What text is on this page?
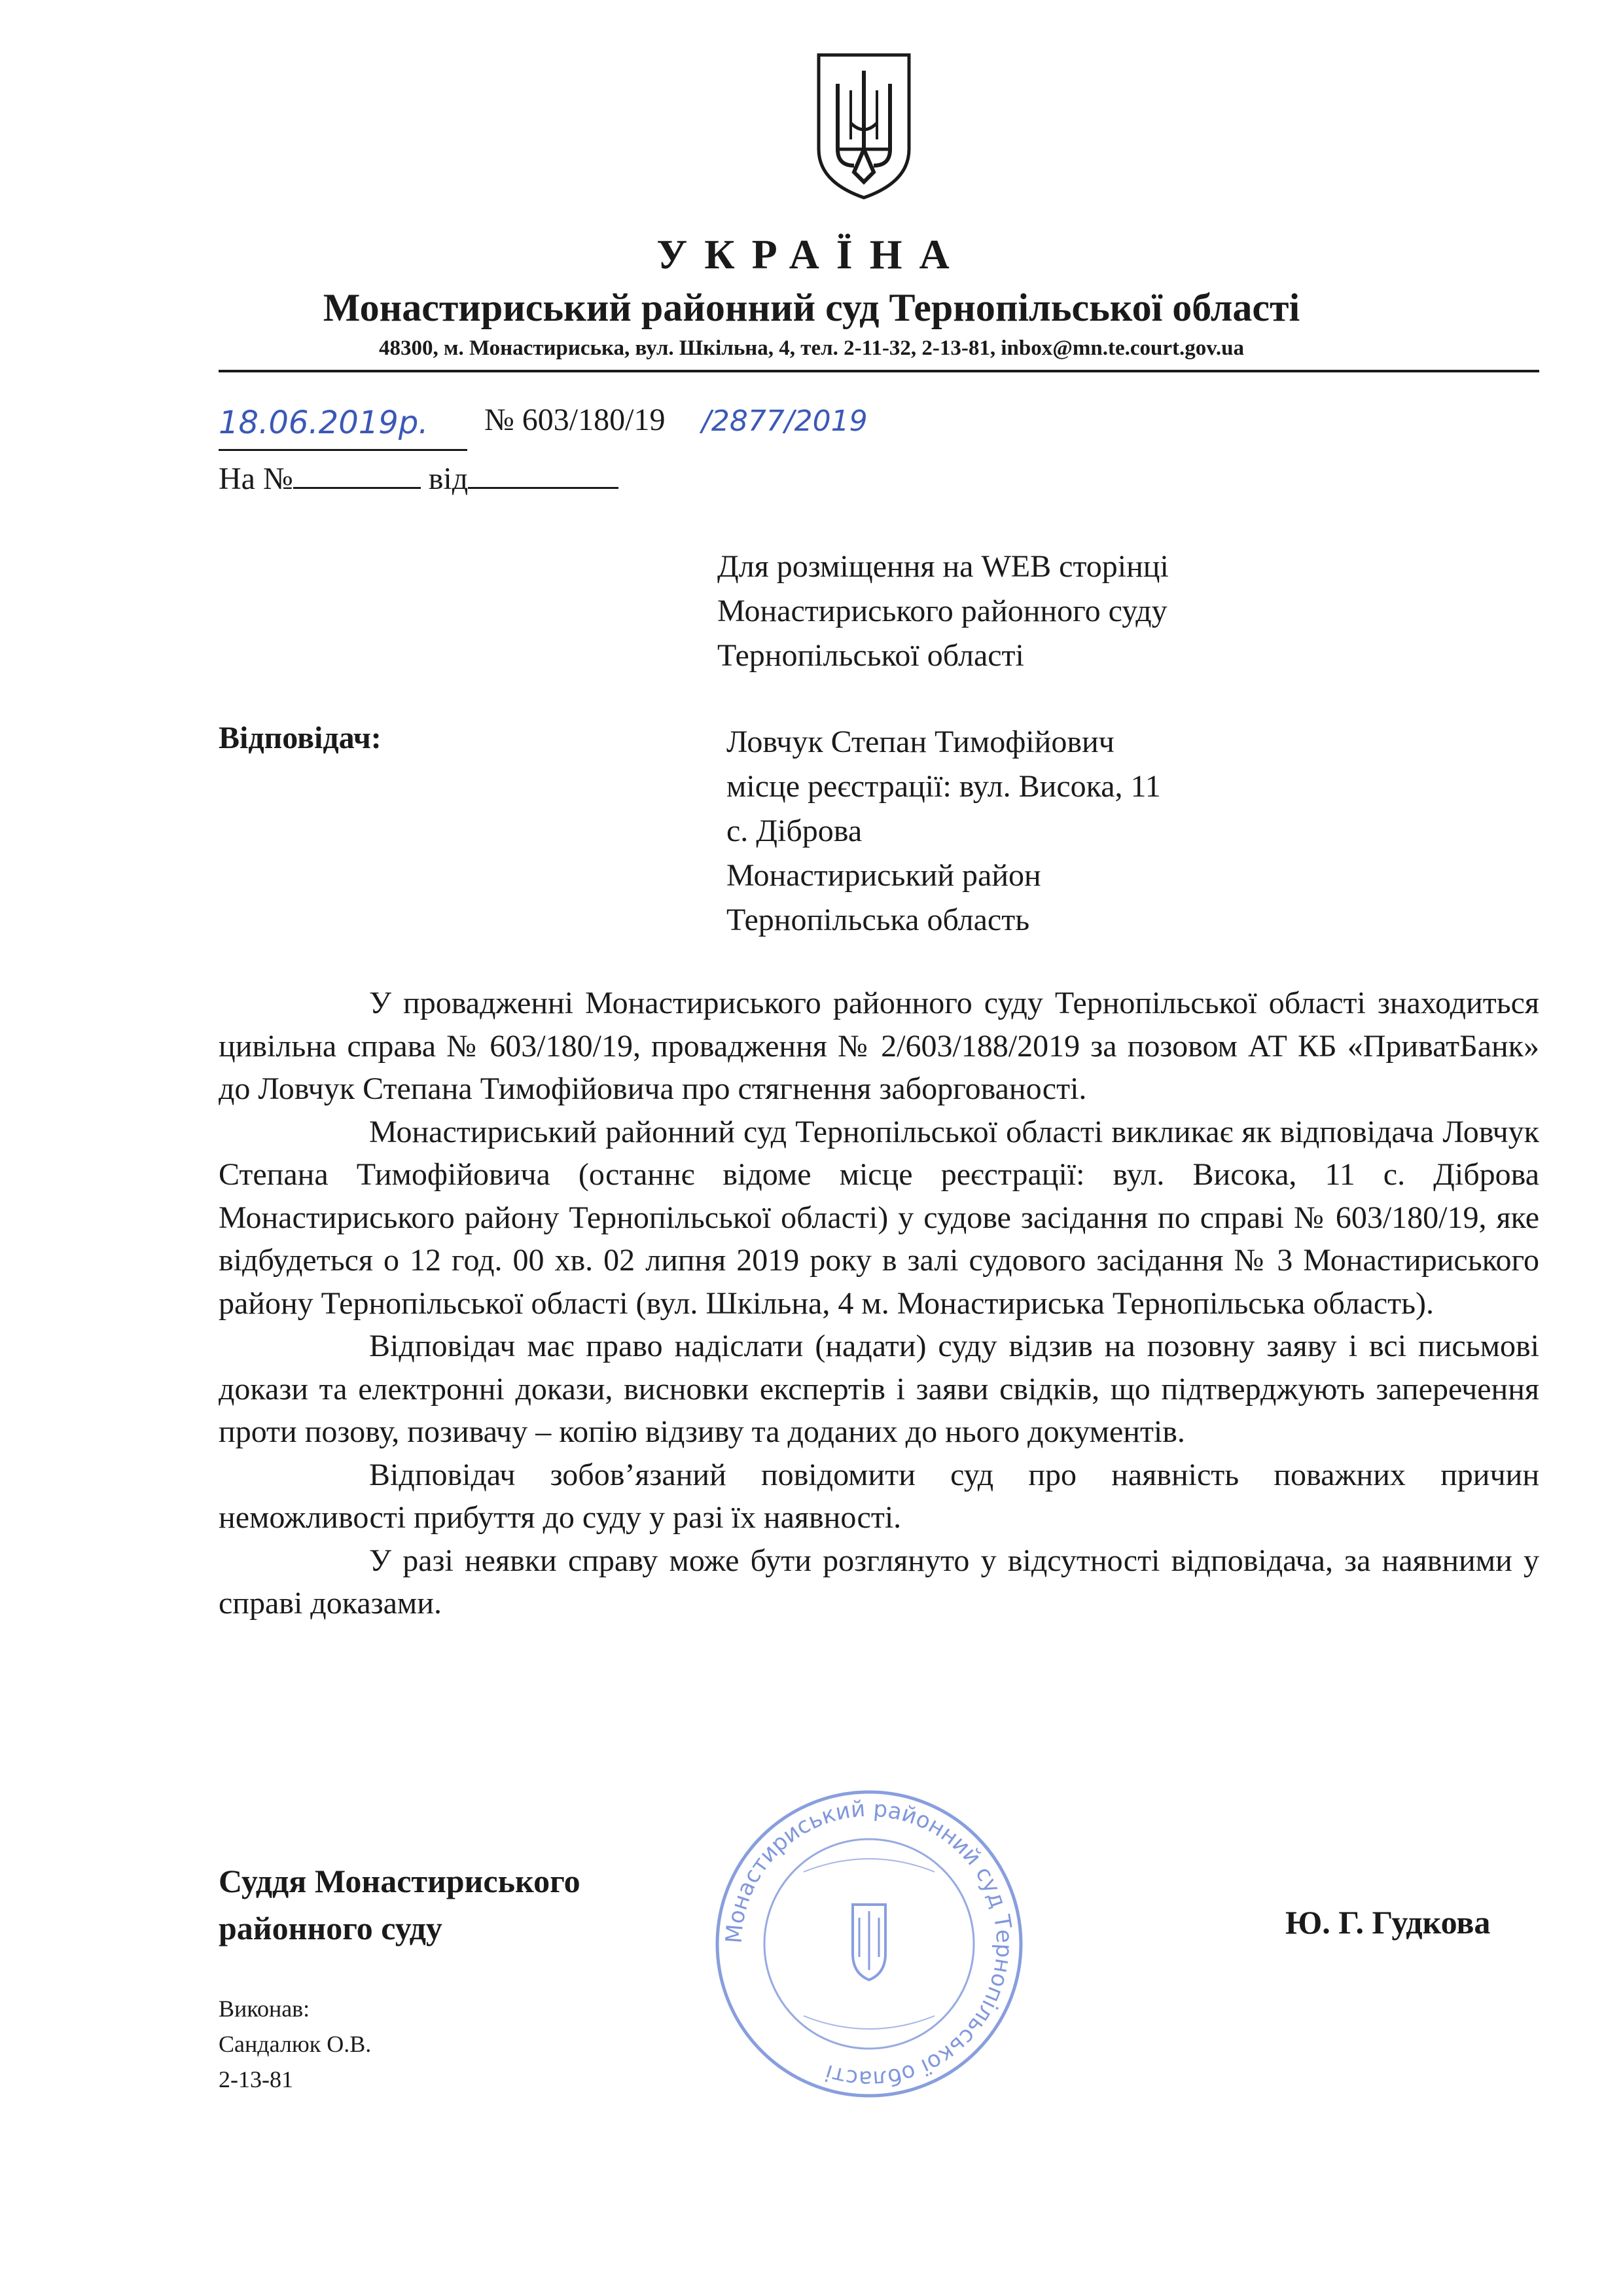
УКРАЇНА
Монастириський районний суд Тернопільської області
48300, м. Монастириська, вул. Шкільна, 4, тел. 2-11-32, 2-13-81, inbox@mn.te.court.gov.ua
18.06.2019р. № 603/180/19 /2877/2019
На №	від
Для розміщення на WEB сторінці
Монастириського районного суду
Тернопільської області
Відповідач:	Ловчук Степан Тимофійович
місце реєстрації: вул. Висока, 11
с. Діброва
Монастириський район
Тернопільська область

У провадженні Монастириського районного суду Тернопільської області знаходиться цивільна справа № 603/180/19, провадження № 2/603/188/2019 за позовом АТ КБ «ПриватБанк» до Ловчук Степана Тимофійовича про стягнення заборгованості.

Монастириський районний суд Тернопільської області викликає як відповідача Ловчук Степана Тимофійовича (останнє відоме місце реєстрації: вул. Висока, 11 с. Діброва Монастириського району Тернопільської області) у судове засідання по справі № 603/180/19, яке відбудеться о 12 год. 00 хв. 02 липня 2019 року в залі судового засідання № 3 Монастириського району Тернопільської області (вул. Шкільна, 4 м. Монастириська Тернопільська область).

Відповідач має право надіслати (надати) суду відзив на позовну заяву і всі письмові докази та електронні докази, висновки експертів і заяви свідків, що підтверджують заперечення проти позову, позивачу – копію відзиву та доданих до нього документів.

Відповідач зобов’язаний повідомити суд про наявність поважних причин неможливості прибуття до суду у разі їх наявності.

У разі неявки справу може бути розглянуто у відсутності відповідача, за наявними у справі доказами.

Монастириський районний суд Тернопільської області
Суддя Монастириського
районного суду	Ю. Г. Гудкова
Виконав:
Сандалюк О.В.
2-13-81
